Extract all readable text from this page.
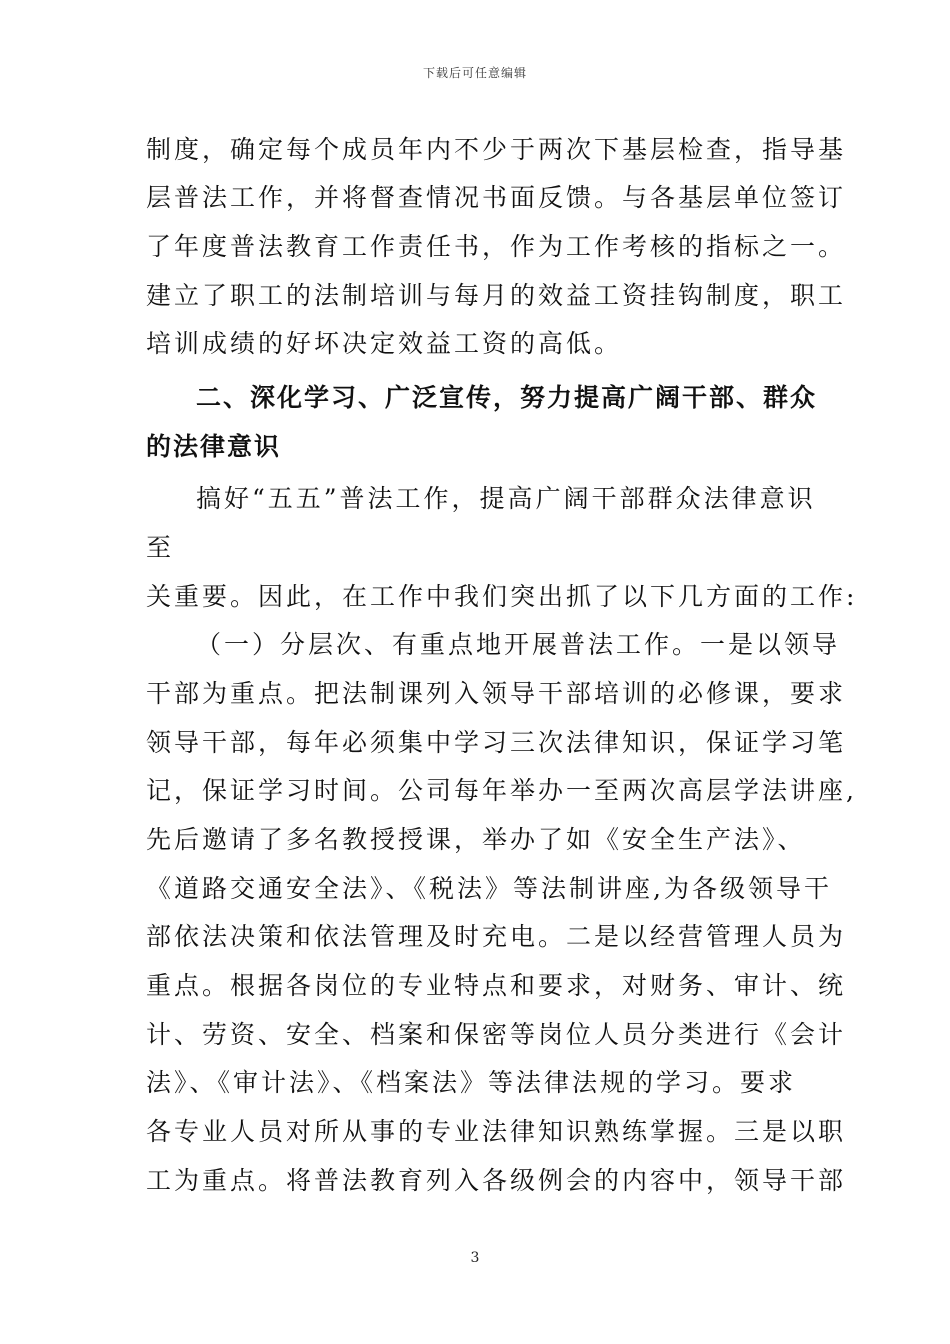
下载后可任意编辑
制度，确定每个成员年内不少于两次下基层检查，指导基
层普法工作，并将督查情况书面反馈。与各基层单位签订
了年度普法教育工作责任书，作为工作考核的指标之一。
建立了职工的法制培训与每月的效益工资挂钩制度，职工
培训成绩的好坏决定效益工资的高低。
二、深化学习、广泛宣传，努力提高广阔干部、群众
的法律意识
搞好“五五”普法工作，提高广阔干部群众法律意识
至
关重要。因此，在工作中我们突出抓了以下几方面的工作:
（一）分层次、有重点地开展普法工作。一是以领导
干部为重点。把法制课列入领导干部培训的必修课，要求
领导干部，每年必须集中学习三次法律知识，保证学习笔
记，保证学习时间。公司每年举办一至两次高层学法讲座,
先后邀请了多名教授授课，举办了如《安全生产法》、
《道路交通安全法》、《税法》等法制讲座,为各级领导干
部依法决策和依法管理及时充电。二是以经营管理人员为
重点。根据各岗位的专业特点和要求，对财务、审计、统
计、劳资、安全、档案和保密等岗位人员分类进行《会计
法》、《审计法》、《档案法》等法律法规的学习。要求
各专业人员对所从事的专业法律知识熟练掌握。三是以职
工为重点。将普法教育列入各级例会的内容中，领导干部
3
